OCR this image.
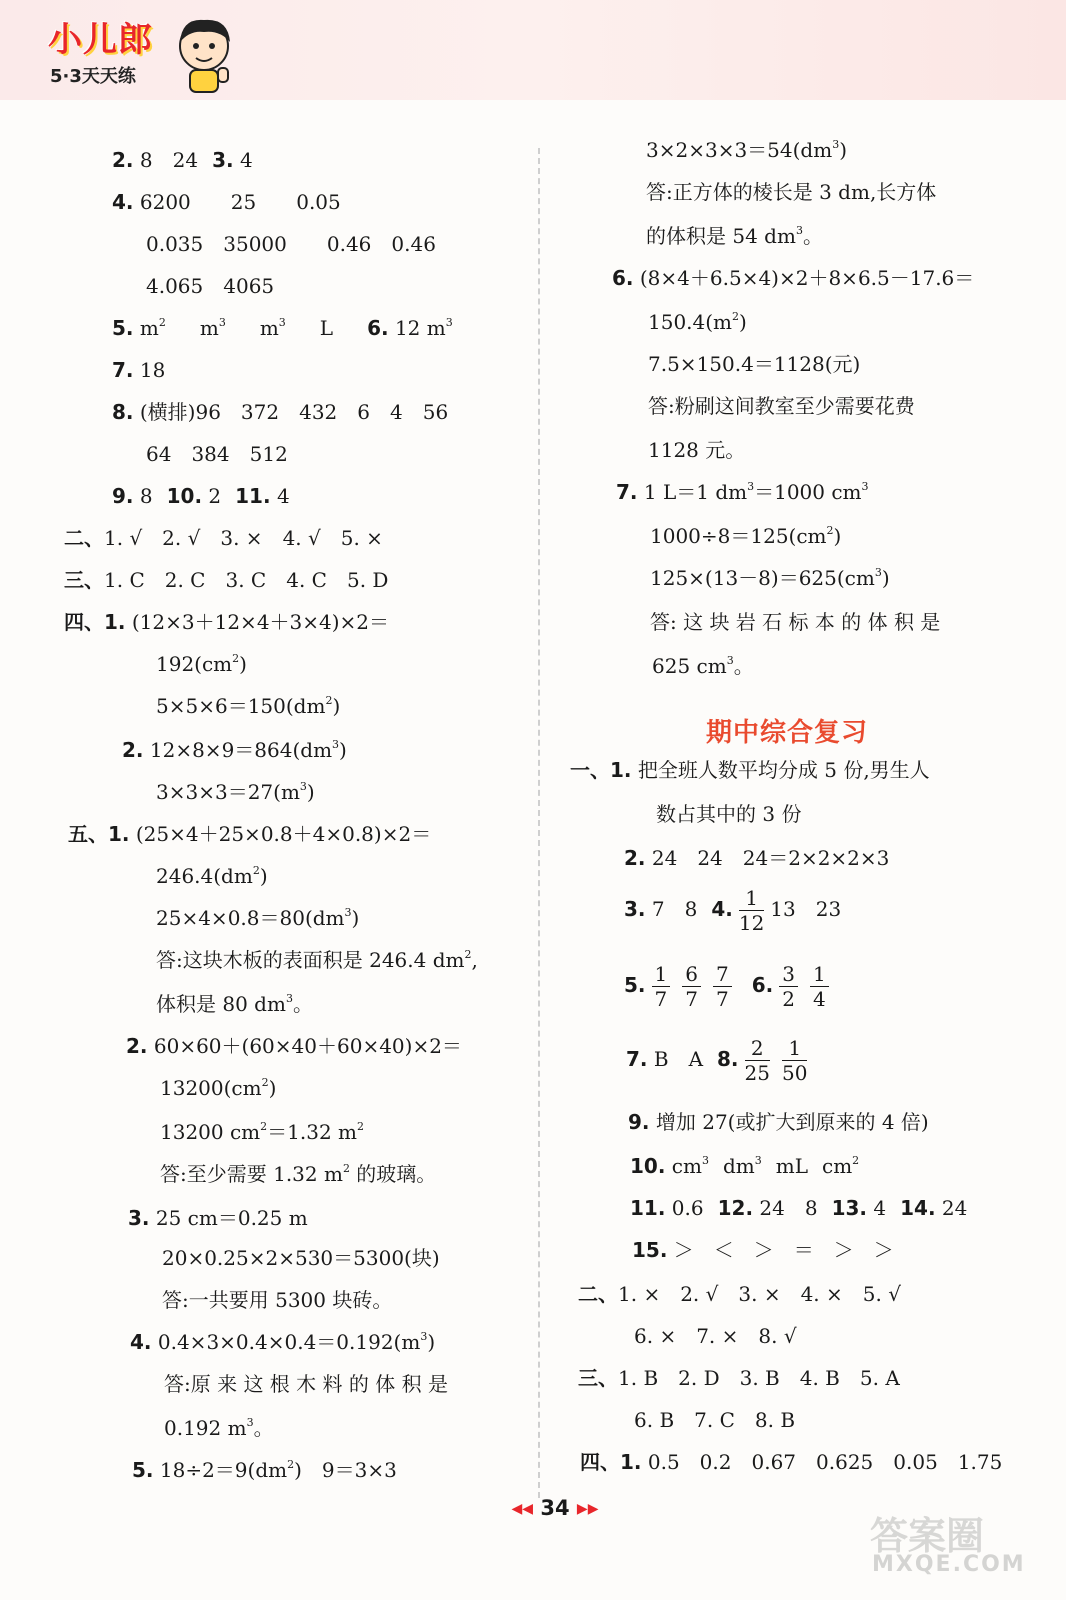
小儿郎
5·3天天练
2. 8　24 3. 4
4. 6200　　25　　0.05
0.035　35000　　0.46　0.46
4.065　4065
5. $m^2$ $m^3$ $m^3$ L 6. 12 $m^3$
7. 18
8. (横排)96　372　432　6　4　56
64　384　512
9. 8 10. 2 11. 4
二、1. √　2. √　3. ×　4. √　5. ×
三、1. C　2. C　3. C　4. C　5. D
四、1. (12×3＋12×4＋3×4)×2＝
$192(cm^2)$
$5\times 5\times 6=150(dm^2)$
2. $12\times 8\times 9=864(dm^3)$
$3\times 3\times 3=27(m^3)$
五、1. (25×4＋25×0.8＋4×0.8)×2＝
$246.4(dm^2)$
$25\times 4\times 0.8=80(dm^3)$
答:这块木板的表面积是 246.4 $dm^2$,
体积是 80 $dm^3$。
2. 60×60＋(60×40＋60×40)×2＝
$13200(cm^2)$
13200 $cm^2=1.32$ $m^2$
答:至少需要 1.32 $m^2$ 的玻璃。
3. 25 cm＝0.25 m
20×0.25×2×530＝5300(块)
答:一共要用 5300 块砖。
4. $0.4\times 3\times 0.4\times 0.4=0.192(m^3)$
答:原 来 这 根 木 料 的 体 积 是
0.192 $m^3$。
5. $18\div 2=9(dm^2)$　9＝3×3
$3\times 2\times 3\times 3=54(dm^3)$
答:正方体的棱长是 3 dm,长方体
的体积是 54 $dm^3$。
6. (8×4＋6.5×4)×2＋8×6.5－17.6＝
$150.4(m^2)$
7.5×150.4＝1128(元)
答:粉刷这间教室至少需要花费
1128 元。
7. 1 L＝1 $dm^3=1000$ $cm^3$
$1000\div 8=125(cm^2)$
$125\times(13-8)=625(cm^3)$
答: 这 块 岩 石 标 本 的 体 积 是
625 $cm^3$。
期中综合复习
一、1. 把全班人数平均分成 5 份,男生人
数占其中的 3 份
2. 24　24　24＝2×2×2×3
3. 7　8 4. $\frac{1}{12} 13$　23
5. $\frac{1}{7} \frac{6}{7} \frac{7}{7} 6$. $\frac{3}{2} \frac{1}{4}$
7. B　A 8. $\frac{2}{25} \frac{1}{50}$
9. 增加 27(或扩大到原来的 4 倍)
10. $cm^3$ $dm^3$ mL $cm^2$
11. 0.6 12. 24　8 13. 4 14. 24
15. ＞　＜　＞　＝　＞　＞
二、1. ×　2. √　3. ×　4. ×　5. √
6. ×　7. ×　8. √
三、1. B　2. D　3. B　4. B　5. A
6. B　7. C　8. B
四、1. 0.5　0.2　0.67　0.625　0.05　1.75
◀◀ 34 ▶▶
答案圈
MXQE.COM
